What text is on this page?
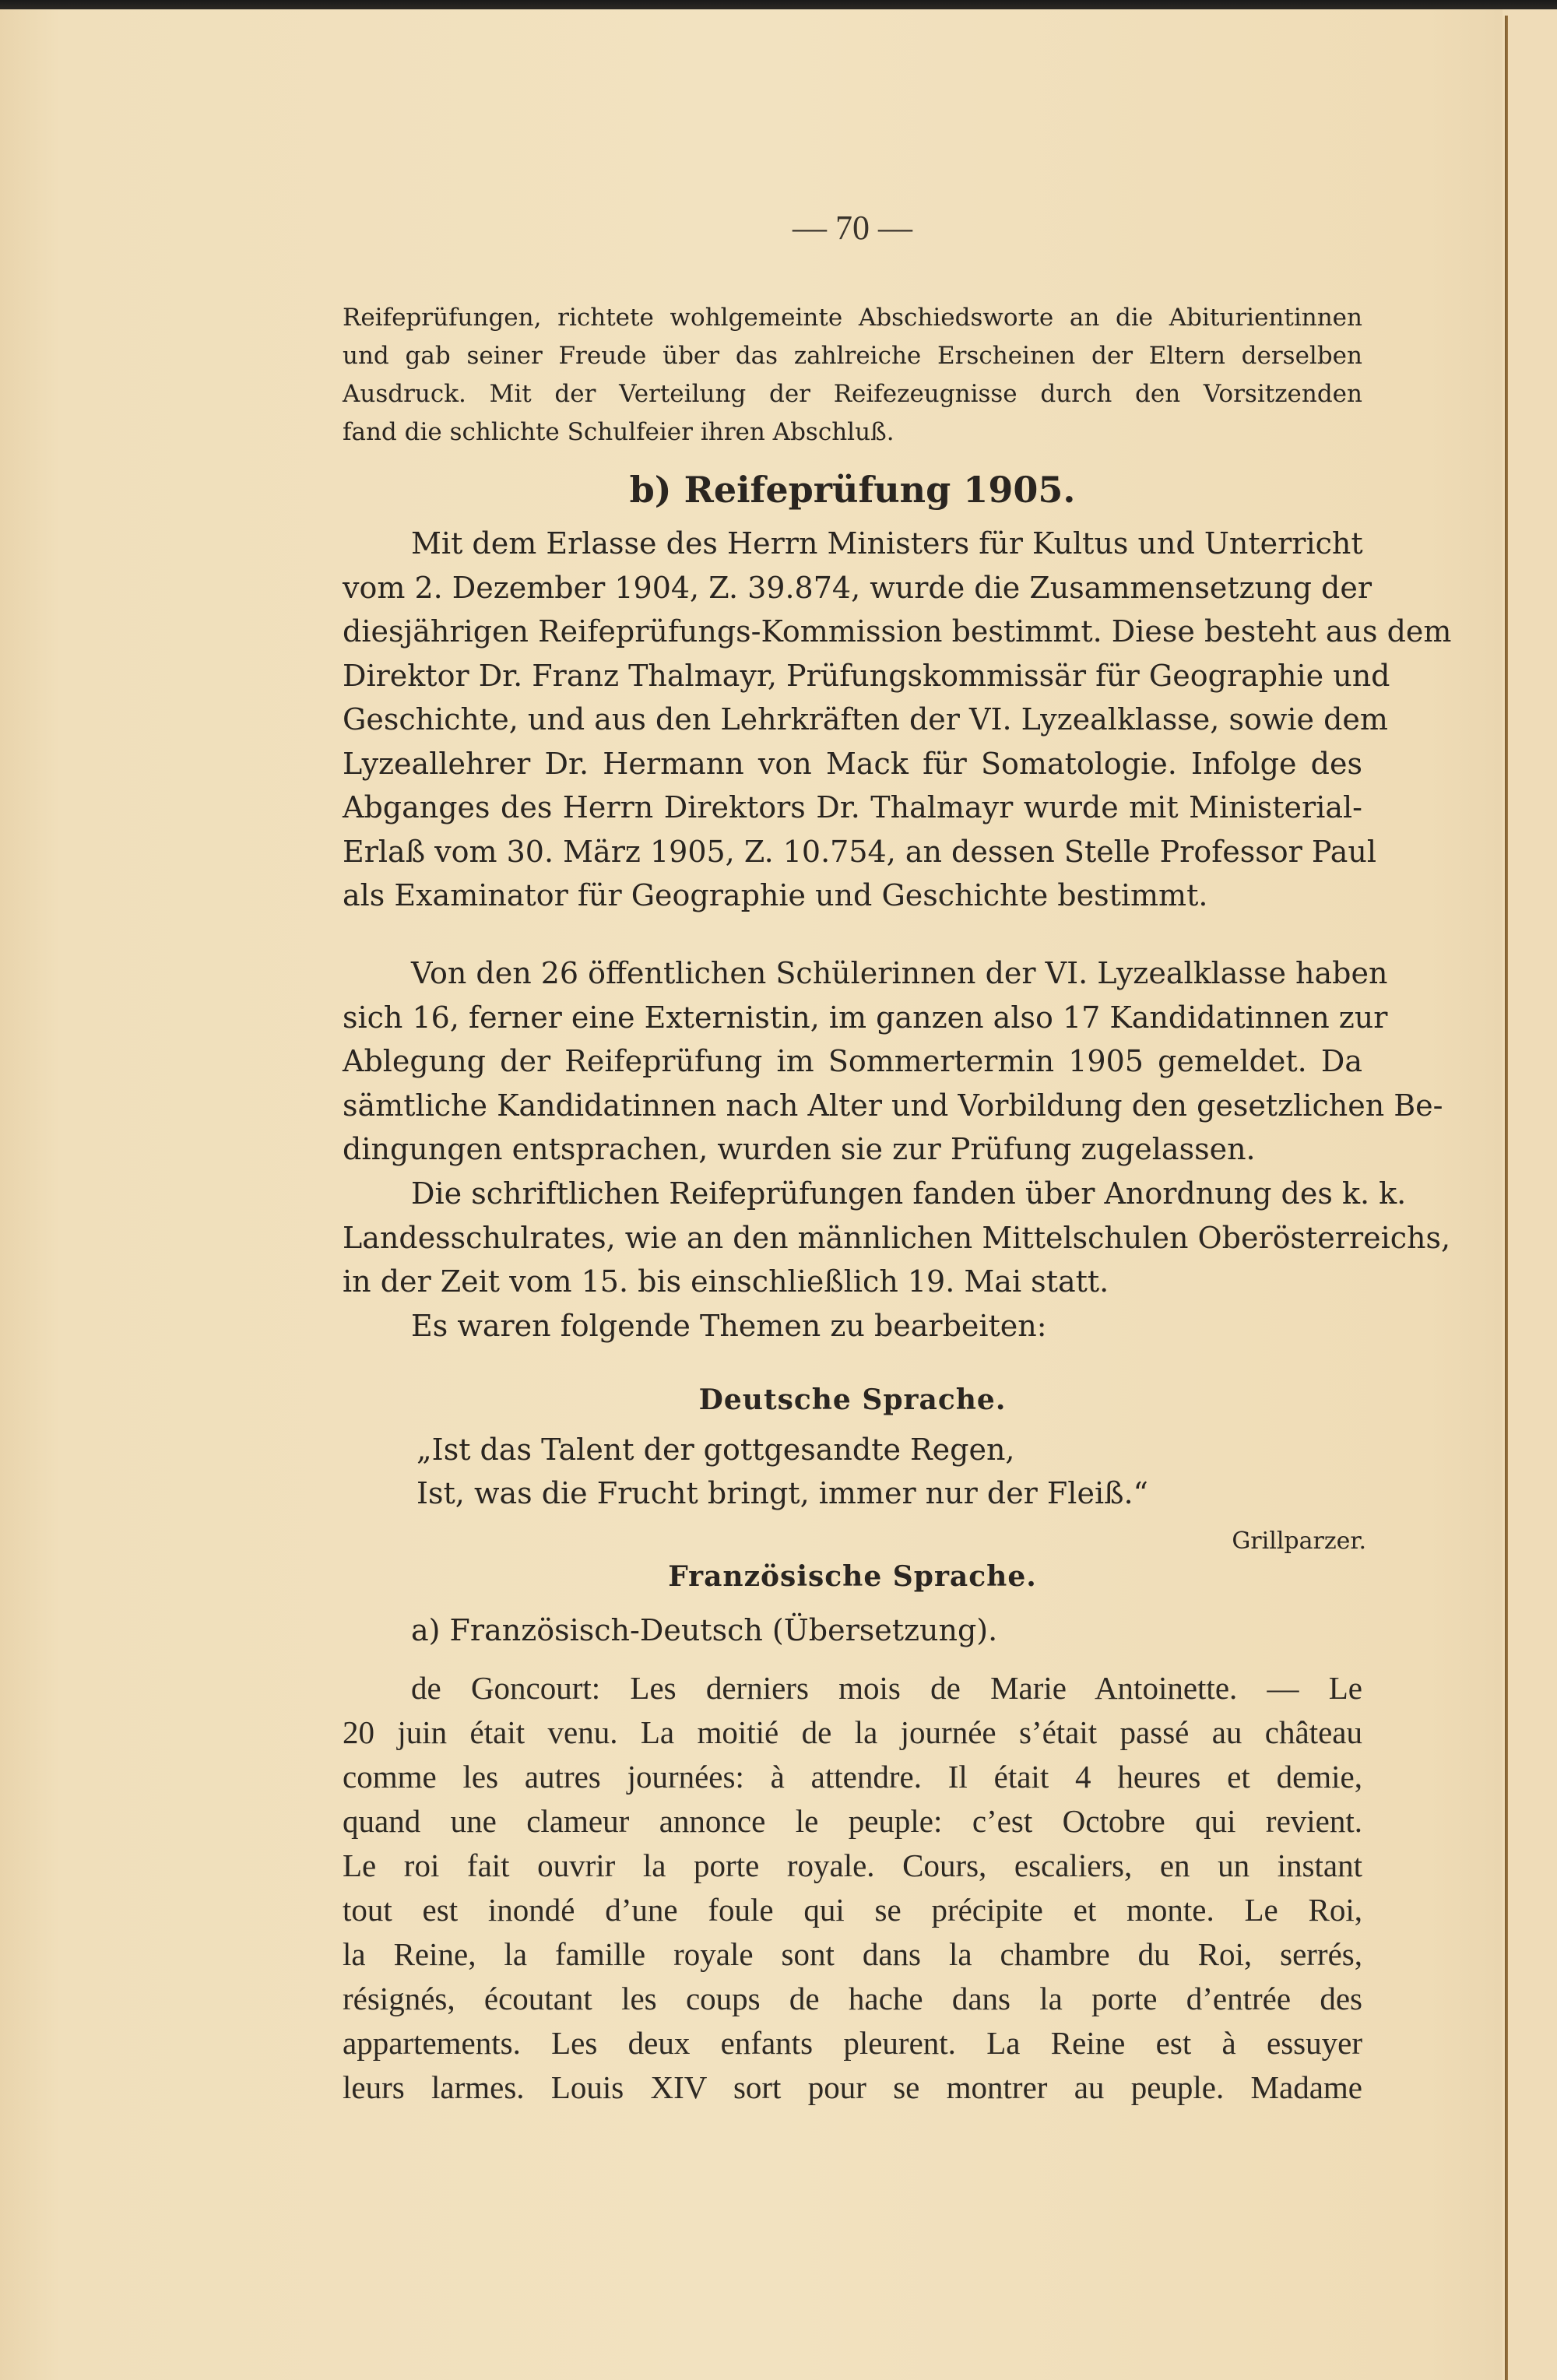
— 70 —
Reifeprüfungen, richtete wohlgemeinte Abschiedsworte an die Abiturientinnen
und gab seiner Freude über das zahlreiche Erscheinen der Eltern derselben
Ausdruck. Mit der Verteilung der Reifezeugnisse durch den Vorsitzenden
fand die schlichte Schulfeier ihren Abschluß.
b) Reifeprüfung 1905.
Mit dem Erlasse des Herrn Ministers für Kultus und Unterricht
vom 2. Dezember 1904, Z. 39.874, wurde die Zusammensetzung der
diesjährigen Reifeprüfungs-Kommission bestimmt. Diese besteht aus dem
Direktor Dr. Franz Thalmayr, Prüfungskommissär für Geographie und
Geschichte, und aus den Lehrkräften der VI. Lyzealklasse, sowie dem
Lyzeallehrer Dr. Hermann von Mack für Somatologie. Infolge des
Abganges des Herrn Direktors Dr. Thalmayr wurde mit Ministerial-
Erlaß vom 30. März 1905, Z. 10.754, an dessen Stelle Professor Paul
als Examinator für Geographie und Geschichte bestimmt.
Von den 26 öffentlichen Schülerinnen der VI. Lyzealklasse haben
sich 16, ferner eine Externistin, im ganzen also 17 Kandidatinnen zur
Ablegung der Reifeprüfung im Sommertermin 1905 gemeldet. Da
sämtliche Kandidatinnen nach Alter und Vorbildung den gesetzlichen Be-
dingungen entsprachen, wurden sie zur Prüfung zugelassen.
Die schriftlichen Reifeprüfungen fanden über Anordnung des k. k.
Landesschulrates, wie an den männlichen Mittelschulen Oberösterreichs,
in der Zeit vom 15. bis einschließlich 19. Mai statt.
Es waren folgende Themen zu bearbeiten:
Deutsche Sprache.
„Ist das Talent der gottgesandte Regen,
Ist, was die Frucht bringt, immer nur der Fleiß.“
Grillparzer.
Französische Sprache.
a) Französisch-Deutsch (Übersetzung).
de Goncourt: Les derniers mois de Marie Antoinette. — Le
20 juin était venu. La moitié de la journée s’était passé au château
comme les autres journées: à attendre. Il était 4 heures et demie,
quand une clameur annonce le peuple: c’est Octobre qui revient.
Le roi fait ouvrir la porte royale. Cours, escaliers, en un instant
tout est inondé d’une foule qui se précipite et monte. Le Roi,
la Reine, la famille royale sont dans la chambre du Roi, serrés,
résignés, écoutant les coups de hache dans la porte d’entrée des
appartements. Les deux enfants pleurent. La Reine est à essuyer
leurs larmes. Louis XIV sort pour se montrer au peuple. Madame
